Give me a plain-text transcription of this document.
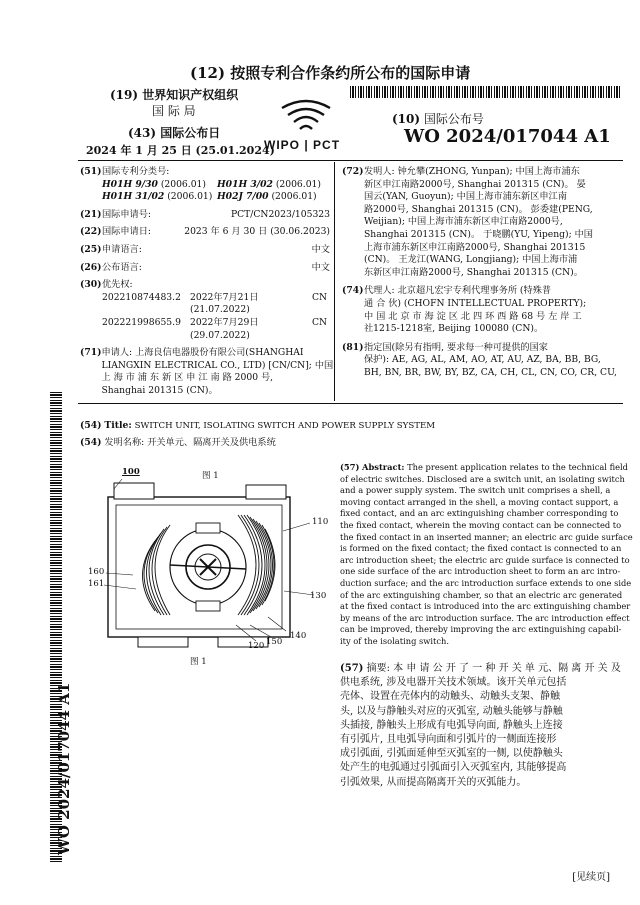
(12) 按照专利合作条约所公布的国际申请
(19) 世界知识产权组织
国 际 局
(43) 国际公布日
2024 年 1 月 25 日 (25.01.2024)
WIPO | PCT
(10) 国际公布号
WO 2024/017044 A1
(51) 国际专利分类号:
H01H 9/30 (2006.01)	H01H 3/02 (2006.01)
H01H 31/02 (2006.01) H02J 7/00 (2006.01)
(21) 国际申请号:	PCT/CN2023/105323
(22) 国际申请日:	2023 年 6 月 30 日 (30.06.2023)
(25) 申请语言:	中文
(26) 公布语言:	中文
(30) 优先权:
202210874483.2 2022年7月21日 (21.07.2022)
CN
202221998655.9 2022年7月29日 (29.07.2022)
CN
(71) 申请人: 上海良信电器股份有限公司(SHANGHAI
LIANGXIN ELECTRICAL CO., LTD) [CN/CN]; 中国
上 海 市 浦 东 新 区 申 江 南 路 2000 号,
Shanghai 201315 (CN)。
(72) 发明人: 钟允攀(ZHONG, Yunpan); 中国上海市浦东
新区申江南路2000号, Shanghai 201315 (CN)。 晏
国云(YAN, Guoyun); 中国上海市浦东新区申江南
路2000号, Shanghai 201315 (CN)。 彭委建(PENG,
Weijian); 中国上海市浦东新区申江南路2000号,
Shanghai 201315 (CN)。 于晓鹏(YU, Yipeng); 中国
上海市浦东新区申江南路2000号, Shanghai 201315
(CN)。 王龙江(WANG, Longjiang); 中国上海市浦
东新区申江南路2000号, Shanghai 201315 (CN)。
(74) 代理人: 北京超凡宏宇专利代理事务所 (特殊普
通 合 伙) (CHOFN INTELLECTUAL PROPERTY);
中 国 北 京 市 海 淀 区 北 四 环 西 路 68 号 左 岸 工
社1215-1218室, Beijing 100080 (CN)。
(81) 指定国(除另有指明, 要求每一种可提供的国家
保护): AE, AG, AL, AM, AO, AT, AU, AZ, BA, BB, BG,
BH, BN, BR, BW, BY, BZ, CA, CH, CL, CN, CO, CR, CU,
(54) Title: SWITCH UNIT, ISOLATING SWITCH AND POWER SUPPLY SYSTEM
(54) 发明名称: 开关单元、隔离开关及供电系统
WO 2024/017044 A1
100	图 1
110
160
161
130
140
150
120
图 1
(57) Abstract: The present application relates to the technical field
of electric switches. Disclosed are a switch unit, an isolating switch
and a power supply system. The switch unit comprises a shell, a
moving contact arranged in the shell, a moving contact support, a
fixed contact, and an arc extinguishing chamber corresponding to
the fixed contact, wherein the moving contact can be connected to
the fixed contact in an inserted manner; an electric arc guide surface
is formed on the fixed contact; the fixed contact is connected to an
arc introduction sheet; the electric arc guide surface is connected to
one side surface of the arc introduction sheet to form an arc intro-
duction surface; and the arc introduction surface extends to one side
of the arc extinguishing chamber, so that an electric arc generated
at the fixed contact is introduced into the arc extinguishing chamber
by means of the arc introduction surface. The arc introduction effect
can be improved, thereby improving the arc extinguishing capabil-
ity of the isolating switch.
(57) 摘要: 本 申 请 公 开 了 一 种 开 关 单 元、隔 离 开 关 及
供电系统, 涉及电器开关技术领域。该开关单元包括
壳体、设置在壳体内的动触头、动触头支架、静触
头, 以及与静触头对应的灭弧室, 动触头能够与静触
头插接, 静触头上形成有电弧导向面, 静触头上连接
有引弧片, 且电弧导向面和引弧片的一侧面连接形
成引弧面, 引弧面延伸至灭弧室的一侧, 以使静触头
处产生的电弧通过引弧面引入灭弧室内, 其能够提高
引弧效果, 从而提高隔离开关的灭弧能力。
[见续页]
